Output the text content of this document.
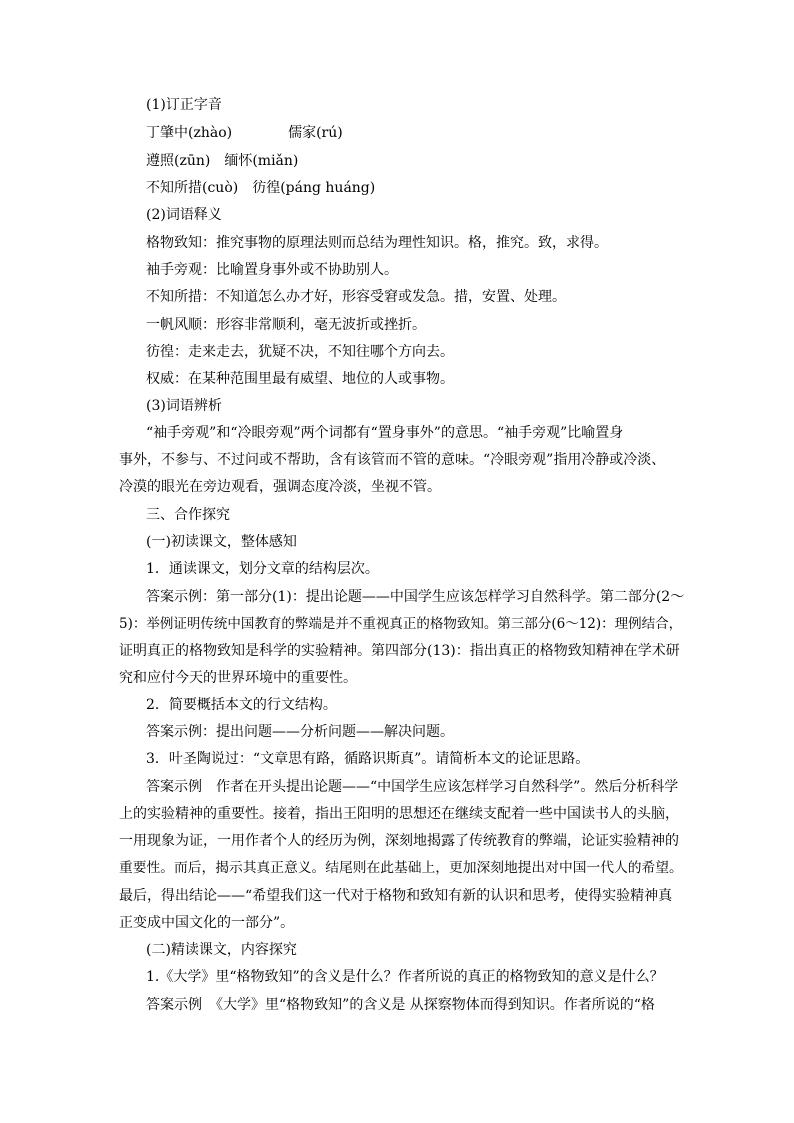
(1)订正字音
丁肇中(zhào)	儒家(rú)
遵照(zūn)　缅怀(miǎn)
不知所措(cuò)　彷徨(páng huáng)
(2)词语释义
格物致知：推究事物的原理法则而总结为理性知识。格，推究。致，求得。
袖手旁观：比喻置身事外或不协助别人。
不知所措：不知道怎么办才好，形容受窘或发急。措，安置、处理。
一帆风顺：形容非常顺利，毫无波折或挫折。
彷徨：走来走去，犹疑不决，不知往哪个方向去。
权威：在某种范围里最有威望、地位的人或事物。
(3)词语辨析
“袖手旁观”和“冷眼旁观”两个词都有“置身事外”的意思。“袖手旁观”比喻置身
事外，不参与、不过问或不帮助，含有该管而不管的意味。“冷眼旁观”指用冷静或冷淡、
冷漠的眼光在旁边观看，强调态度冷淡，坐视不管。
三、合作探究
(一)初读课文，整体感知
1．通读课文，划分文章的结构层次。
答案示例：第一部分(1)：提出论题——中国学生应该怎样学习自然科学。第二部分(2～
5)：举例证明传统中国教育的弊端是并不重视真正的格物致知。第三部分(6～12)：理例结合，
证明真正的格物致知是科学的实验精神。第四部分(13)：指出真正的格物致知精神在学术研
究和应付今天的世界环境中的重要性。
2．简要概括本文的行文结构。
答案示例：提出问题——分析问题——解决问题。
3．叶圣陶说过：“文章思有路，循路识斯真”。请简析本文的论证思路。
答案示例　作者在开头提出论题——“中国学生应该怎样学习自然科学”。然后分析科学
上的实验精神的重要性。接着，指出王阳明的思想还在继续支配着一些中国读书人的头脑，
一用现象为证，一用作者个人的经历为例，深刻地揭露了传统教育的弊端，论证实验精神的
重要性。而后，揭示其真正意义。结尾则在此基础上，更加深刻地提出对中国一代人的希望。
最后，得出结论——“希望我们这一代对于格物和致知有新的认识和思考，使得实验精神真
正变成中国文化的一部分”。
(二)精读课文，内容探究
1.《大学》里“格物致知”的含义是什么？作者所说的真正的格物致知的意义是什么？
答案示例　《大学》里“格物致知”的含义是 从探察物体而得到知识。作者所说的“格
